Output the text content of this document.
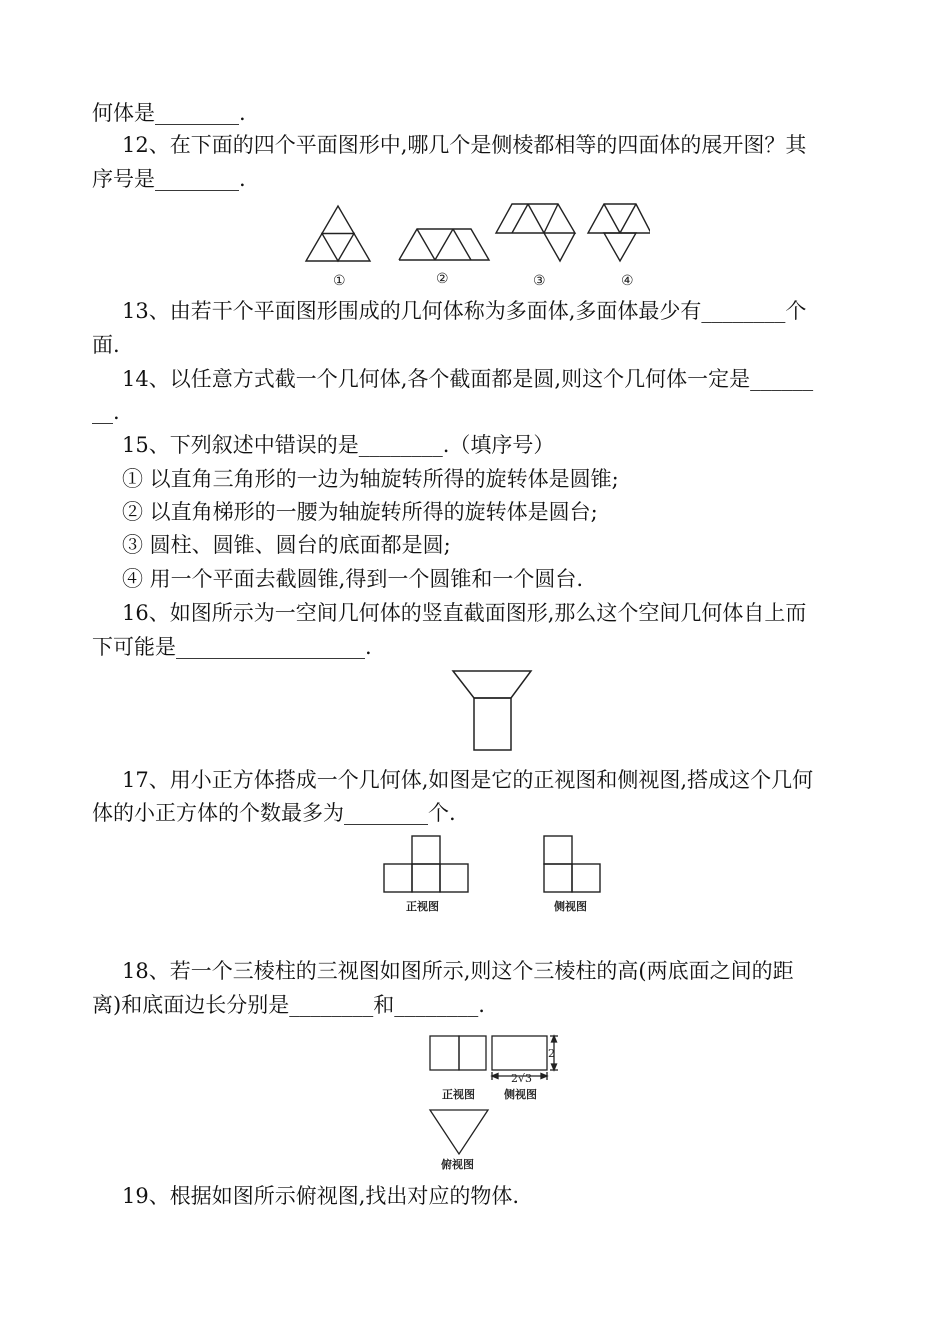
何体是________.
12、在下面的四个平面图形中,哪几个是侧棱都相等的四面体的展开图？其
序号是________.
①	②	③	④
13、由若干个平面图形围成的几何体称为多面体,多面体最少有________个
面.
14、以任意方式截一个几何体,各个截面都是圆,则这个几何体一定是______
__.
15、下列叙述中错误的是________.（填序号）
① 以直角三角形的一边为轴旋转所得的旋转体是圆锥;
② 以直角梯形的一腰为轴旋转所得的旋转体是圆台;
③ 圆柱、圆锥、圆台的底面都是圆;
④ 用一个平面去截圆锥,得到一个圆锥和一个圆台.
16、如图所示为一空间几何体的竖直截面图形,那么这个空间几何体自上而
下可能是__________________.
17、用小正方体搭成一个几何体,如图是它的正视图和侧视图,搭成这个几何
体的小正方体的个数最多为________个.
正视图	侧视图
18、若一个三棱柱的三视图如图所示,则这个三棱柱的高(两底面之间的距
离)和底面边长分别是________和________.
2
2√3
正视图	侧视图
俯视图
19、根据如图所示俯视图,找出对应的物体.
